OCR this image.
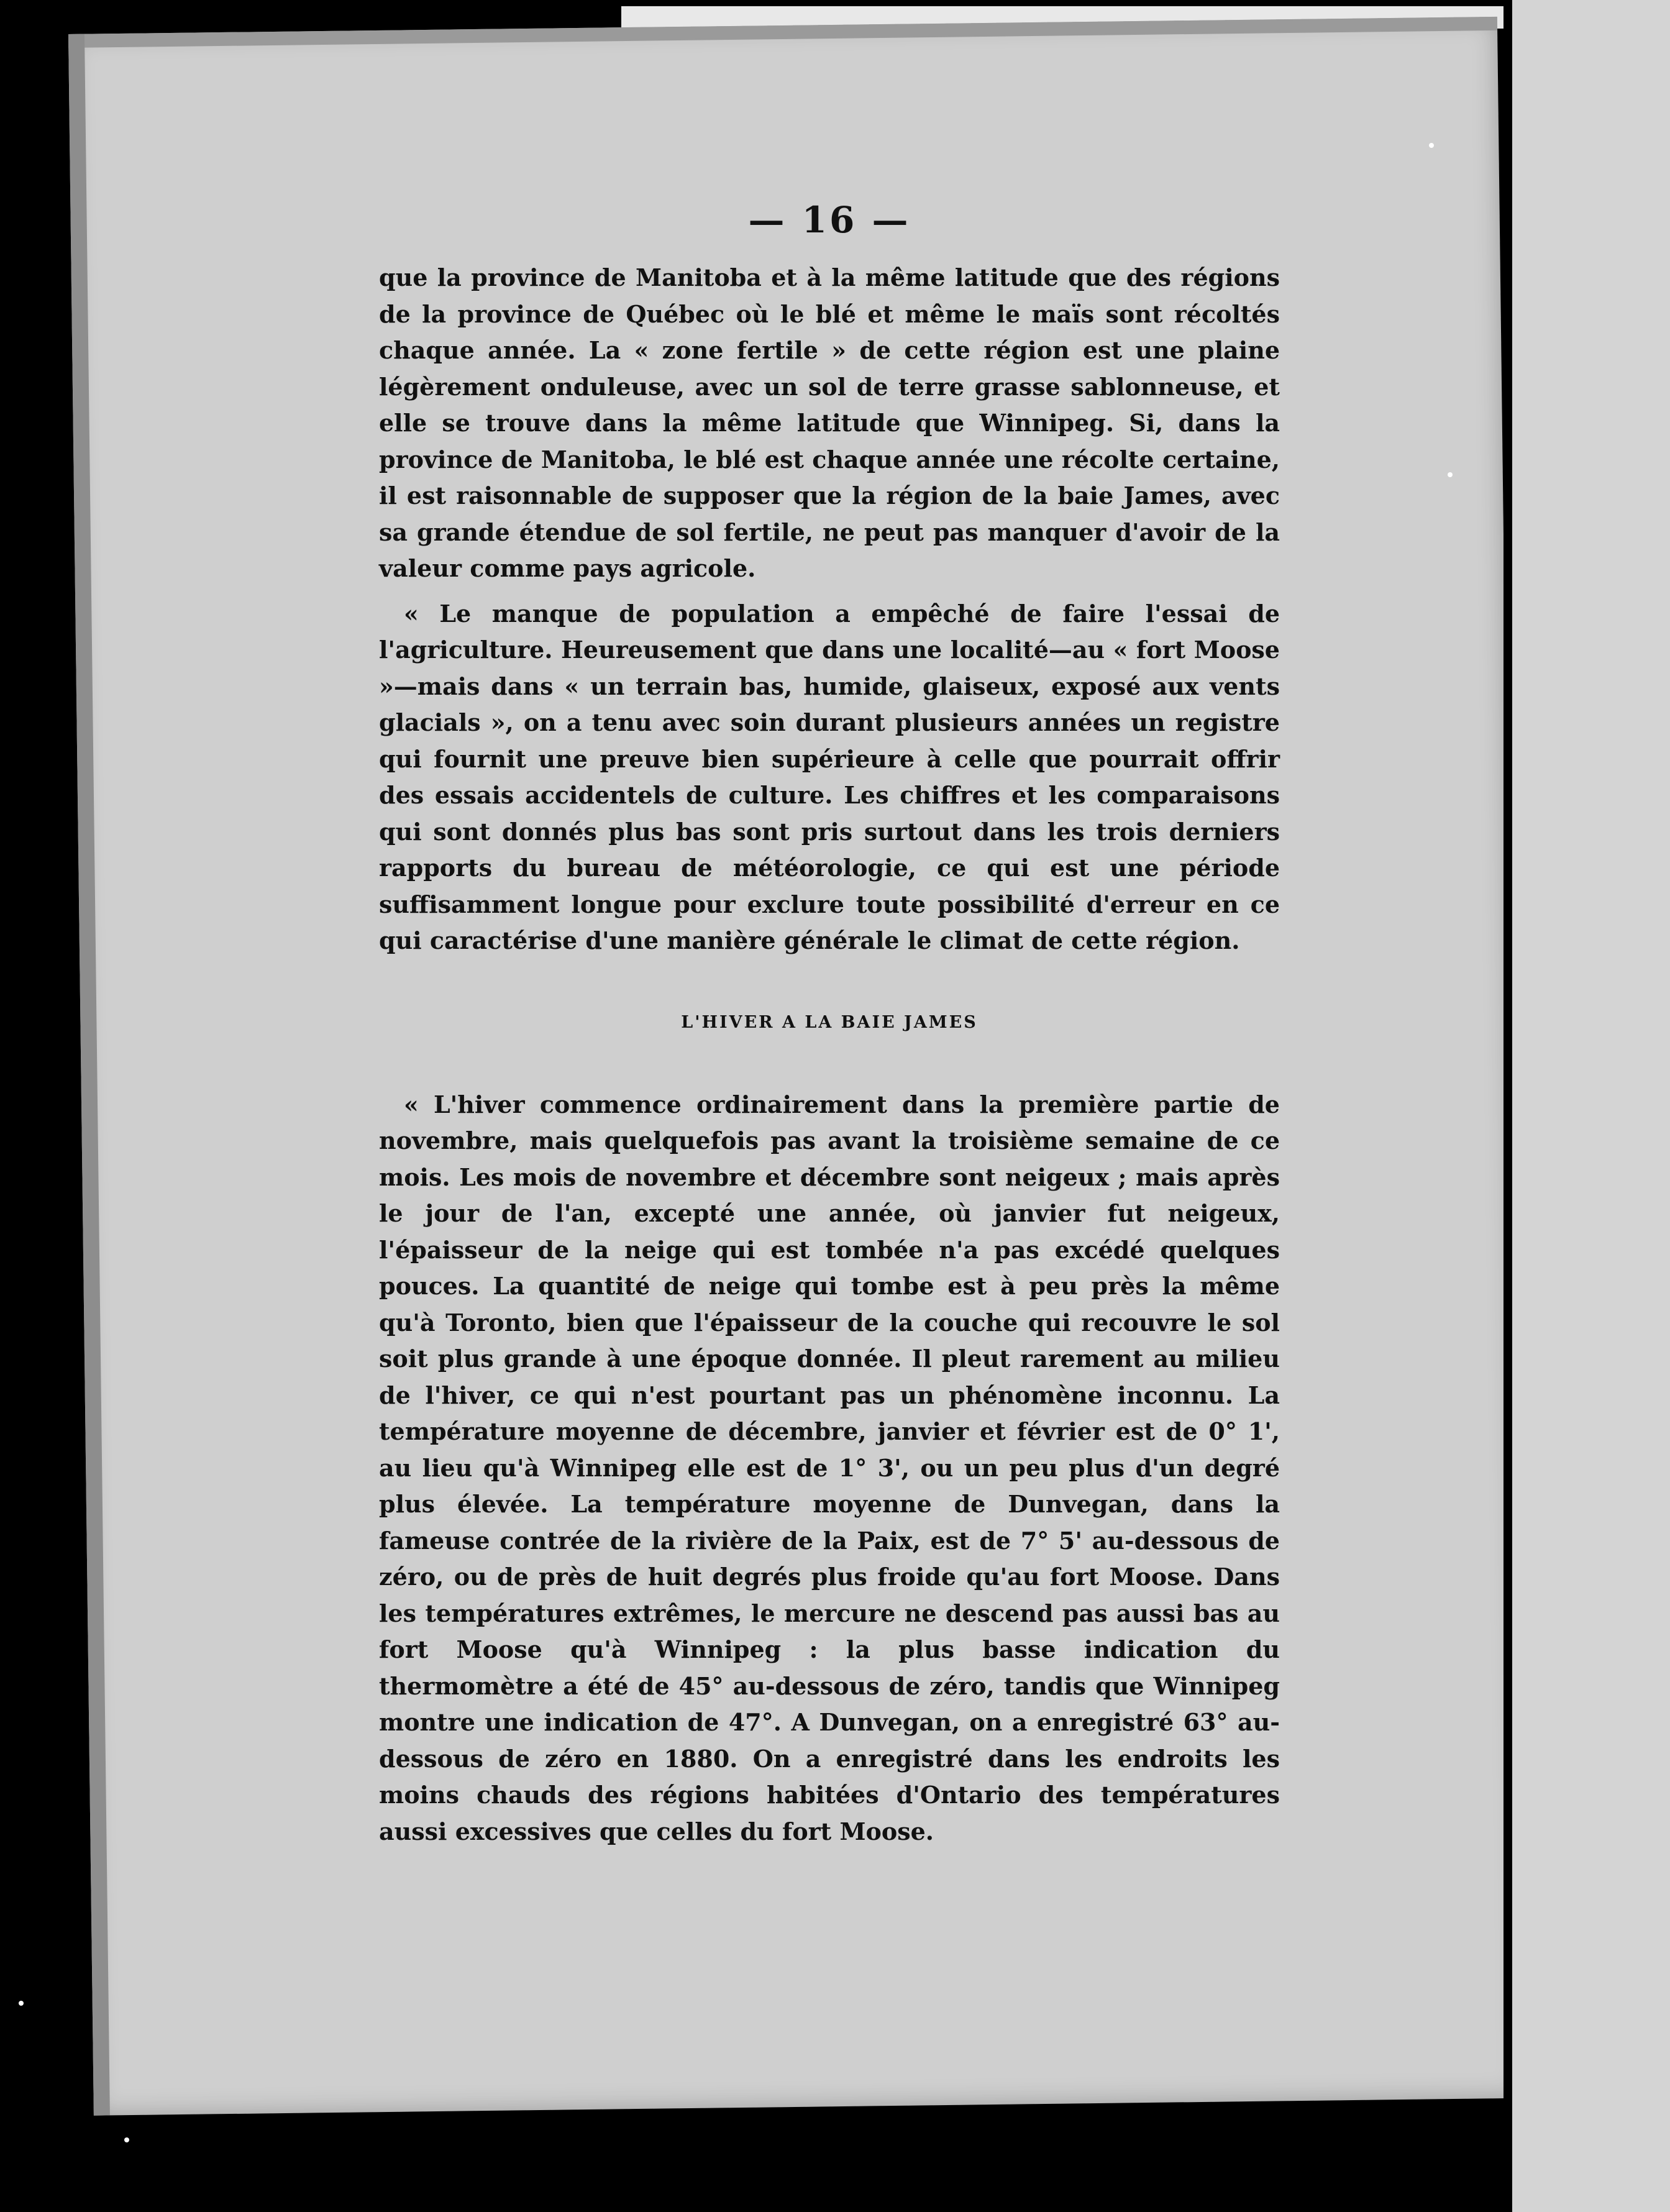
— 16 —

que la province de Manitoba et à la même latitude que des régions de la province de Québec où le blé et même le maïs sont récoltés chaque année. La « zone fertile » de cette région est une plaine légèrement onduleuse, avec un sol de terre grasse sablonneuse, et elle se trouve dans la même latitude que Winnipeg. Si, dans la province de Manitoba, le blé est chaque année une récolte certaine, il est raisonnable de supposer que la région de la baie James, avec sa grande étendue de sol fertile, ne peut pas manquer d'avoir de la valeur comme pays agricole.

« Le manque de population a empêché de faire l'essai de l'agriculture. Heureusement que dans une localité—au « fort Moose »—mais dans « un terrain bas, humide, glaiseux, exposé aux vents glacials », on a tenu avec soin durant plusieurs années un registre qui fournit une preuve bien supérieure à celle que pourrait offrir des essais accidentels de culture. Les chiffres et les comparaisons qui sont donnés plus bas sont pris surtout dans les trois derniers rapports du bureau de météorologie, ce qui est une période suffisamment longue pour exclure toute possibilité d'erreur en ce qui caractérise d'une manière générale le climat de cette région.

L'HIVER A LA BAIE JAMES

« L'hiver commence ordinairement dans la première partie de novembre, mais quelquefois pas avant la troisième semaine de ce mois. Les mois de novembre et décembre sont neigeux ; mais après le jour de l'an, excepté une année, où janvier fut neigeux, l'épaisseur de la neige qui est tombée n'a pas excédé quelques pouces. La quantité de neige qui tombe est à peu près la même qu'à Toronto, bien que l'épaisseur de la couche qui recouvre le sol soit plus grande à une époque donnée. Il pleut rarement au milieu de l'hiver, ce qui n'est pourtant pas un phénomène inconnu. La température moyenne de décembre, janvier et février est de 0° 1', au lieu qu'à Winnipeg elle est de 1° 3', ou un peu plus d'un degré plus élevée. La température moyenne de Dunvegan, dans la fameuse contrée de la rivière de la Paix, est de 7° 5' au-dessous de zéro, ou de près de huit degrés plus froide qu'au fort Moose. Dans les températures extrêmes, le mercure ne descend pas aussi bas au fort Moose qu'à Winnipeg : la plus basse indication du thermomètre a été de 45° au-dessous de zéro, tandis que Winnipeg montre une indication de 47°. A Dunvegan, on a enregistré 63° au-dessous de zéro en 1880. On a enregistré dans les endroits les moins chauds des régions habitées d'Ontario des températures aussi excessives que celles du fort Moose.
